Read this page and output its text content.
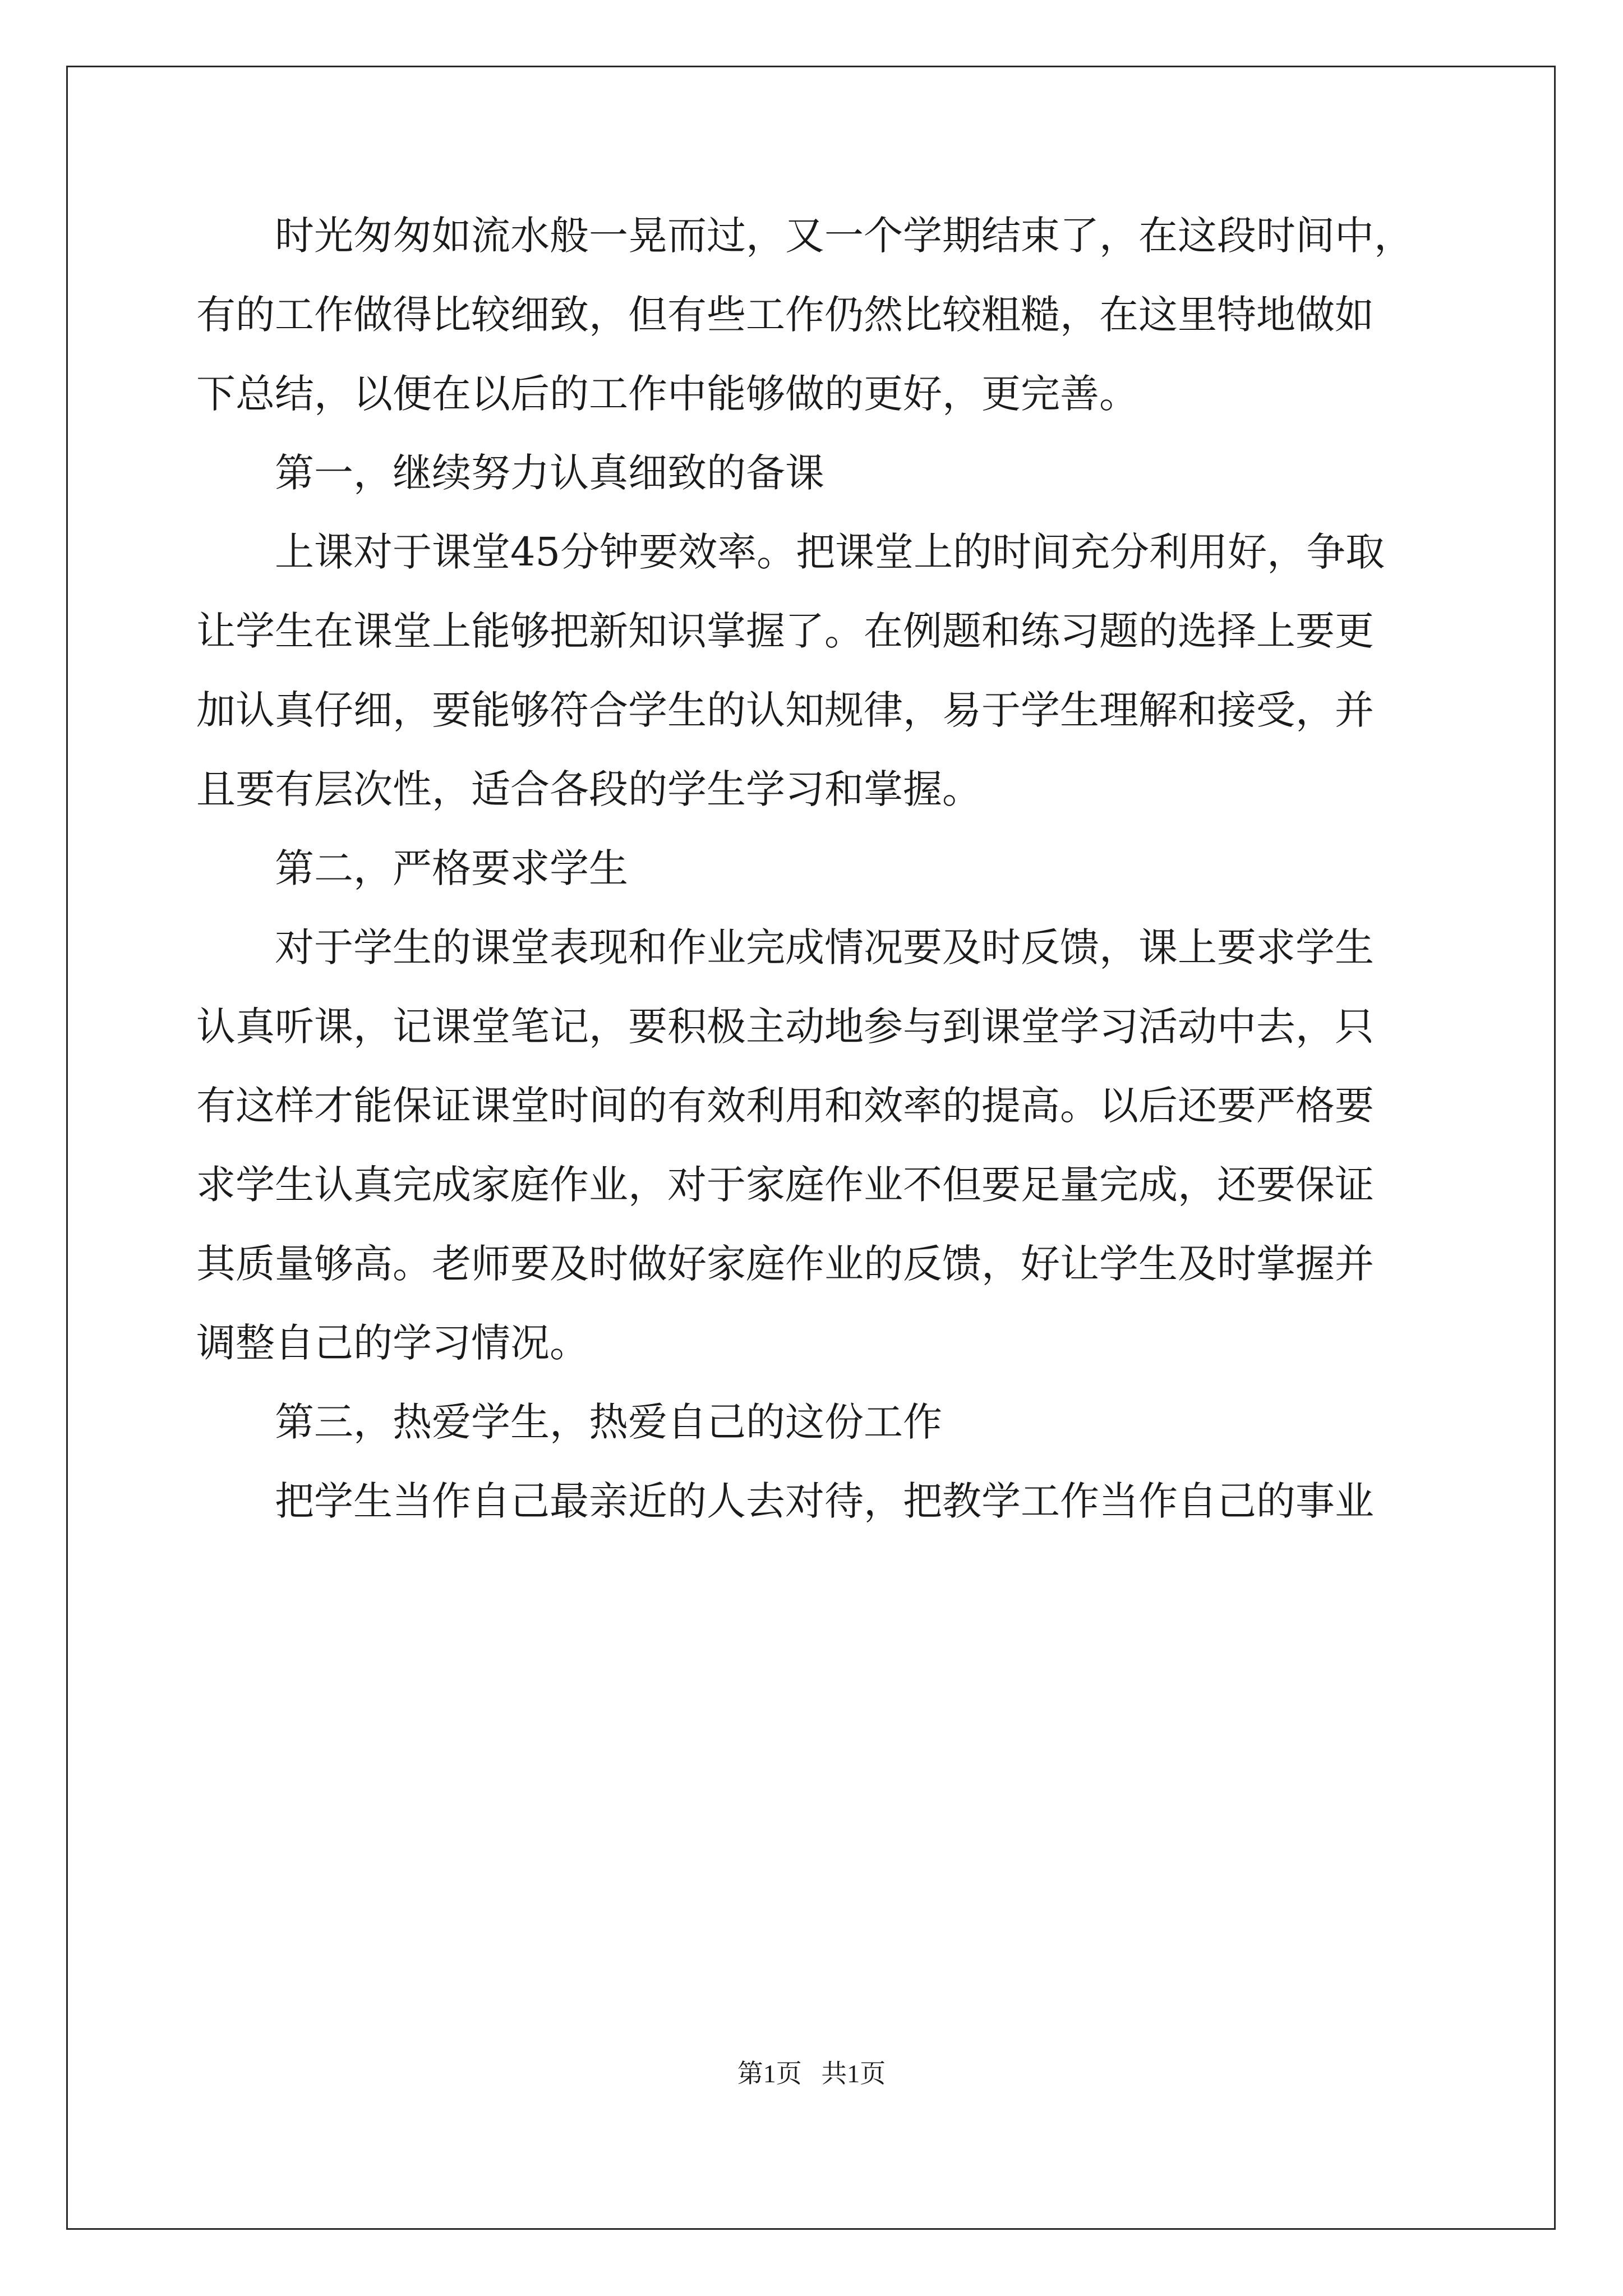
　　时光匆匆如流水般一晃而过，又一个学期结束了，在这段时间中，
有的工作做得比较细致，但有些工作仍然比较粗糙，在这里特地做如
下总结，以便在以后的工作中能够做的更好，更完善。
　　第一，继续努力认真细致的备课
　　上课对于课堂45分钟要效率。把课堂上的时间充分利用好，争取
让学生在课堂上能够把新知识掌握了。在例题和练习题的选择上要更
加认真仔细，要能够符合学生的认知规律，易于学生理解和接受，并
且要有层次性，适合各段的学生学习和掌握。
　　第二，严格要求学生
　　对于学生的课堂表现和作业完成情况要及时反馈，课上要求学生
认真听课，记课堂笔记，要积极主动地参与到课堂学习活动中去，只
有这样才能保证课堂时间的有效利用和效率的提高。以后还要严格要
求学生认真完成家庭作业，对于家庭作业不但要足量完成，还要保证
其质量够高。老师要及时做好家庭作业的反馈，好让学生及时掌握并
调整自己的学习情况。
　　第三，热爱学生，热爱自己的这份工作
　　把学生当作自己最亲近的人去对待，把教学工作当作自己的事业
第1页   共1页
